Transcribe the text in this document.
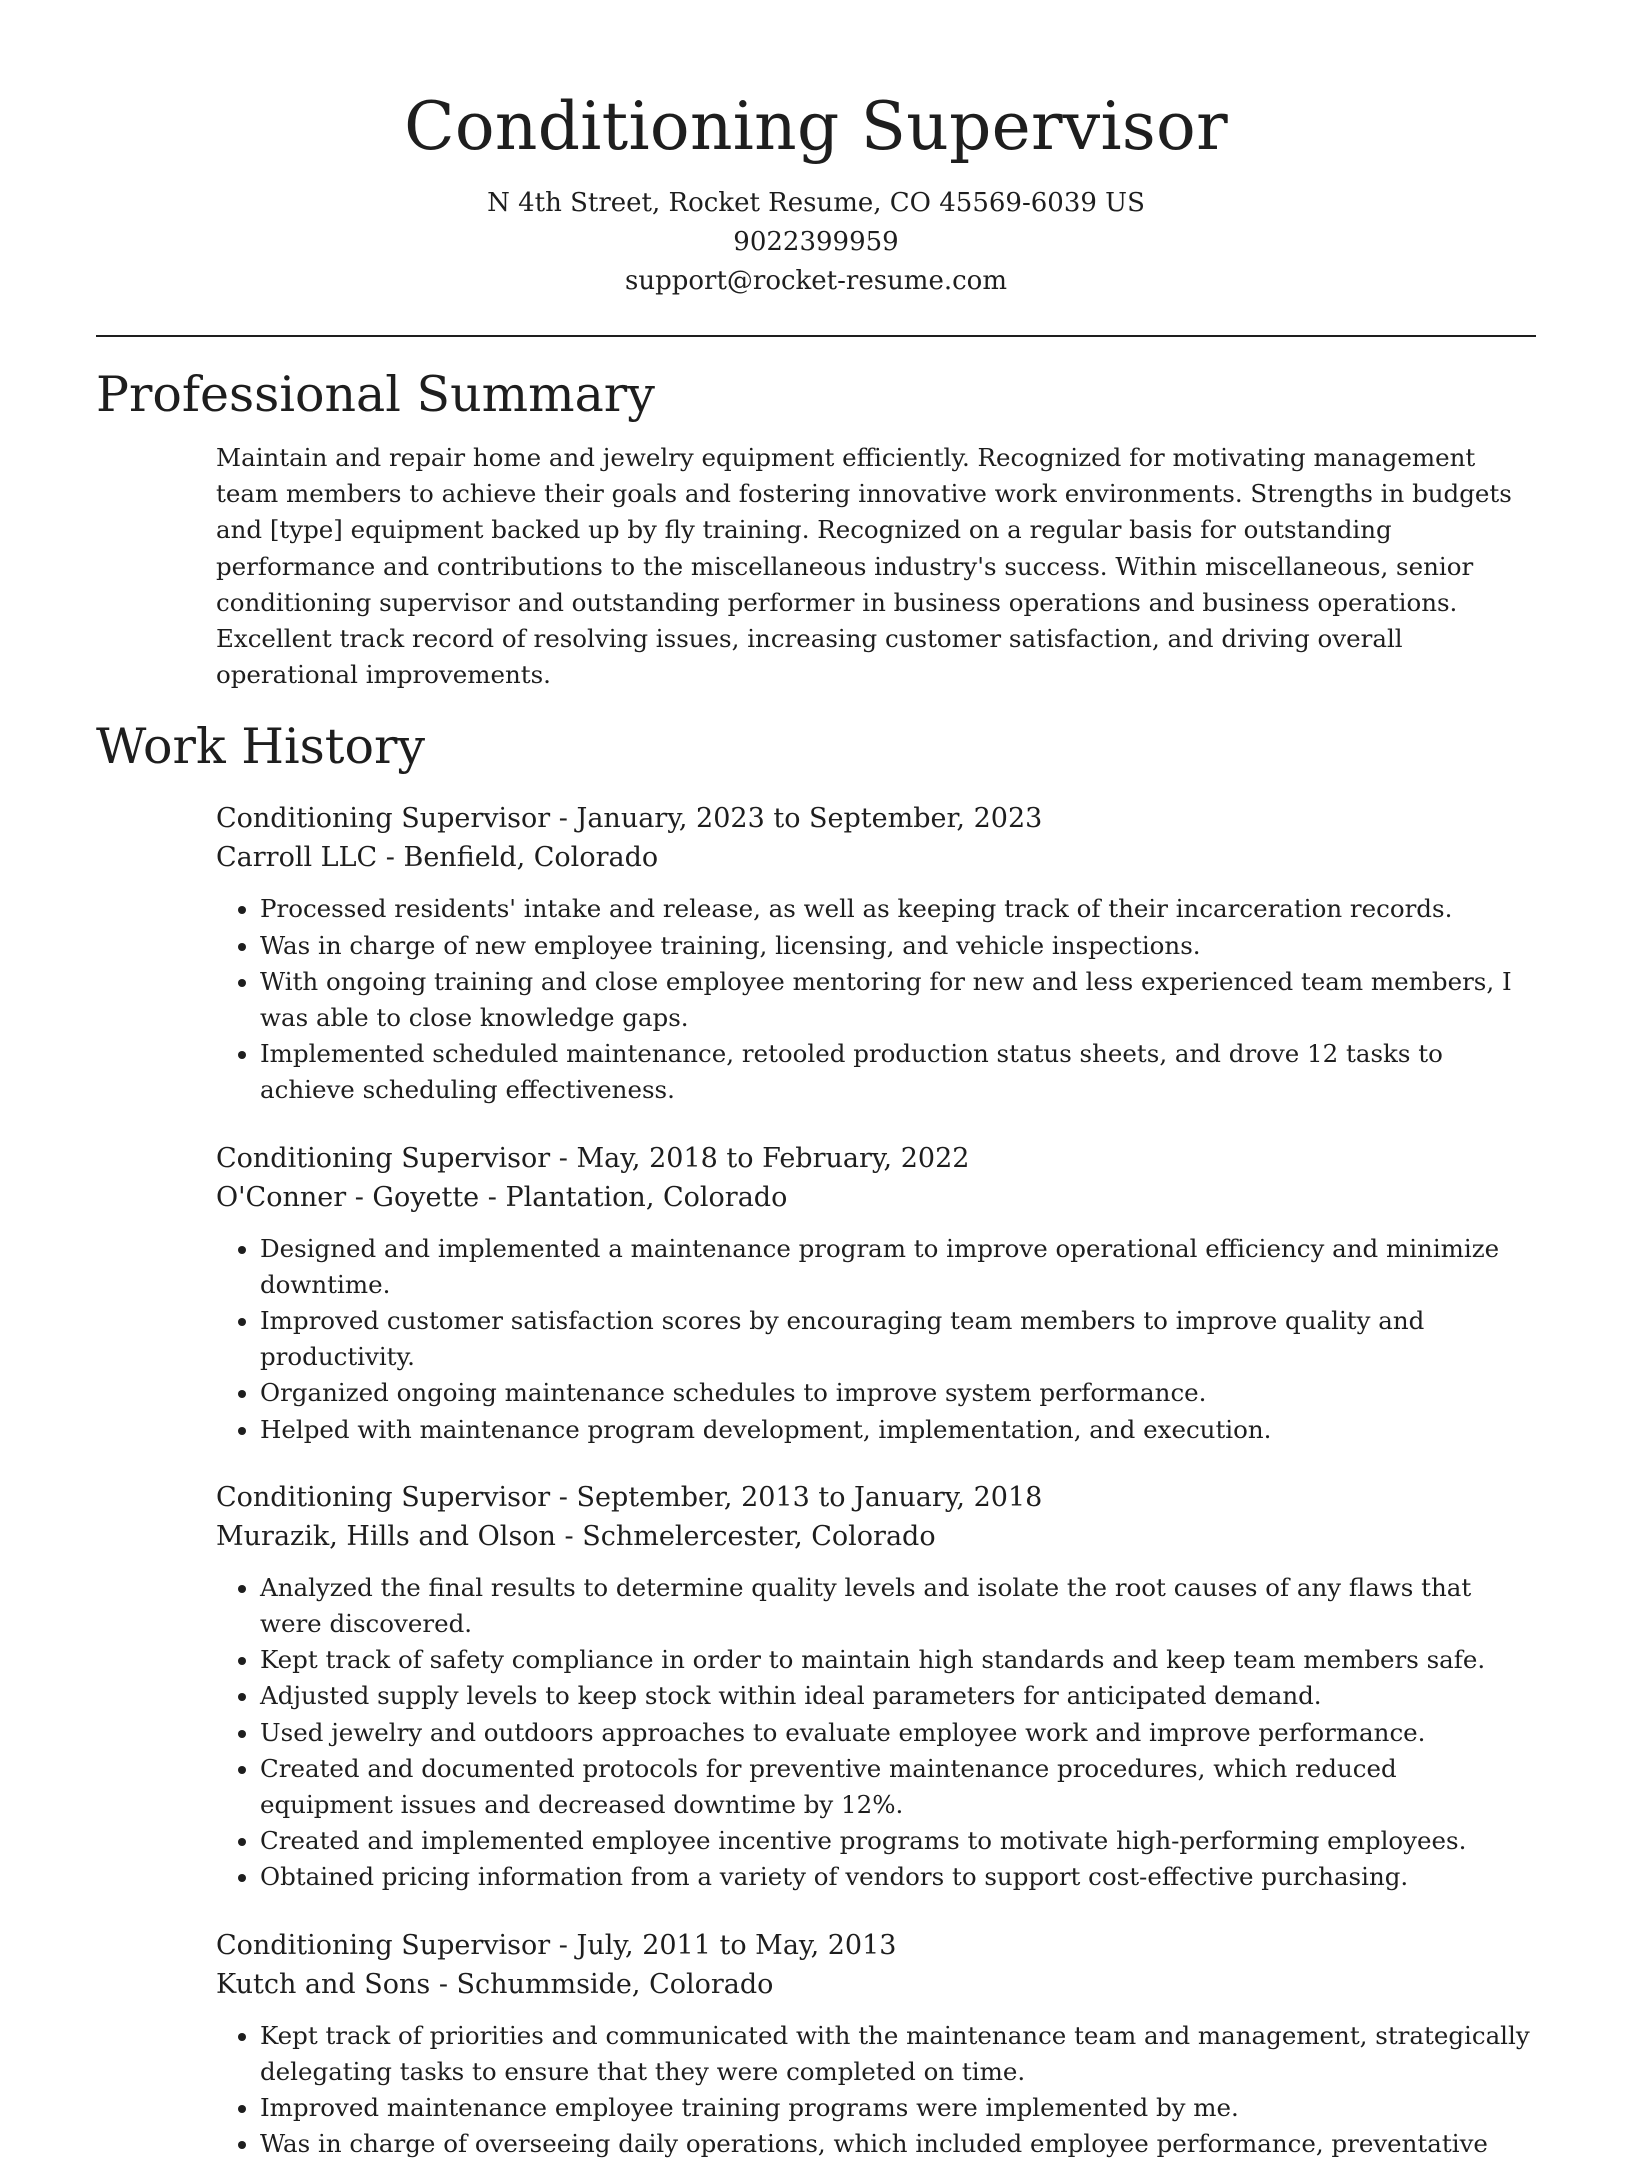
Conditioning Supervisor

N 4th Street, Rocket Resume, CO 45569-6039 US

9022399959

support@rocket-resume.com

Professional Summary

Maintain and repair home and jewelry equipment efficiently. Recognized for motivating management team members to achieve their goals and fostering innovative work environments. Strengths in budgets and [type] equipment backed up by fly training. Recognized on a regular basis for outstanding performance and contributions to the miscellaneous industry's success. Within miscellaneous, senior conditioning supervisor and outstanding performer in business operations and business operations. Excellent track record of resolving issues, increasing customer satisfaction, and driving overall operational improvements.

Work History

Conditioning Supervisor - January, 2023 to September, 2023

Carroll LLC - Benfield, Colorado

• Processed residents' intake and release, as well as keeping track of their incarceration records.
• Was in charge of new employee training, licensing, and vehicle inspections.
• With ongoing training and close employee mentoring for new and less experienced team members, I was able to close knowledge gaps.
• Implemented scheduled maintenance, retooled production status sheets, and drove 12 tasks to achieve scheduling effectiveness.

Conditioning Supervisor - May, 2018 to February, 2022

O'Conner - Goyette - Plantation, Colorado

• Designed and implemented a maintenance program to improve operational efficiency and minimize downtime.
• Improved customer satisfaction scores by encouraging team members to improve quality and productivity.
• Organized ongoing maintenance schedules to improve system performance.
• Helped with maintenance program development, implementation, and execution.

Conditioning Supervisor - September, 2013 to January, 2018

Murazik, Hills and Olson - Schmelercester, Colorado

• Analyzed the final results to determine quality levels and isolate the root causes of any flaws that were discovered.
• Kept track of safety compliance in order to maintain high standards and keep team members safe.
• Adjusted supply levels to keep stock within ideal parameters for anticipated demand.
• Used jewelry and outdoors approaches to evaluate employee work and improve performance.
• Created and documented protocols for preventive maintenance procedures, which reduced equipment issues and decreased downtime by 12%.
• Created and implemented employee incentive programs to motivate high-performing employees.
• Obtained pricing information from a variety of vendors to support cost-effective purchasing.

Conditioning Supervisor - July, 2011 to May, 2013

Kutch and Sons - Schummside, Colorado

• Kept track of priorities and communicated with the maintenance team and management, strategically delegating tasks to ensure that they were completed on time.
• Improved maintenance employee training programs were implemented by me.
• Was in charge of overseeing daily operations, which included employee performance, preventative
